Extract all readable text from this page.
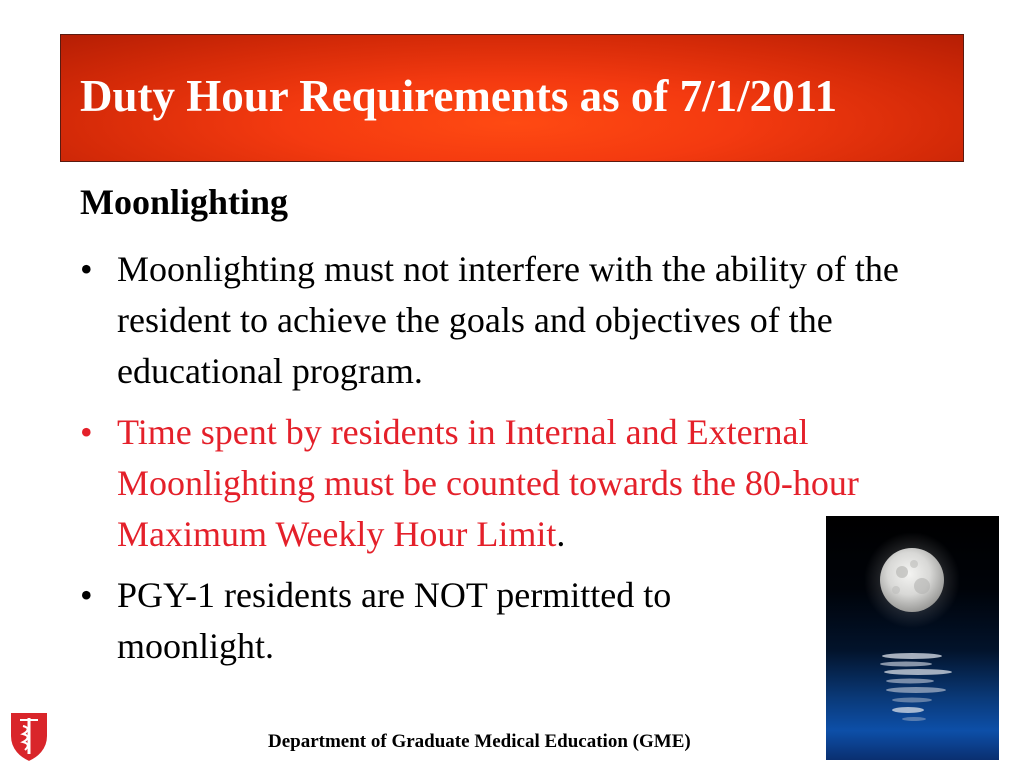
Duty Hour Requirements as of 7/1/2011
Moonlighting
• Moonlighting must not interfere with the ability of the resident to achieve the goals and objectives of the educational program.
• Time spent by residents in Internal and External Moonlighting must be counted towards the 80-hour Maximum Weekly Hour Limit.
• PGY-1 residents are NOT permitted to moonlight.
Department of Graduate Medical Education (GME)
